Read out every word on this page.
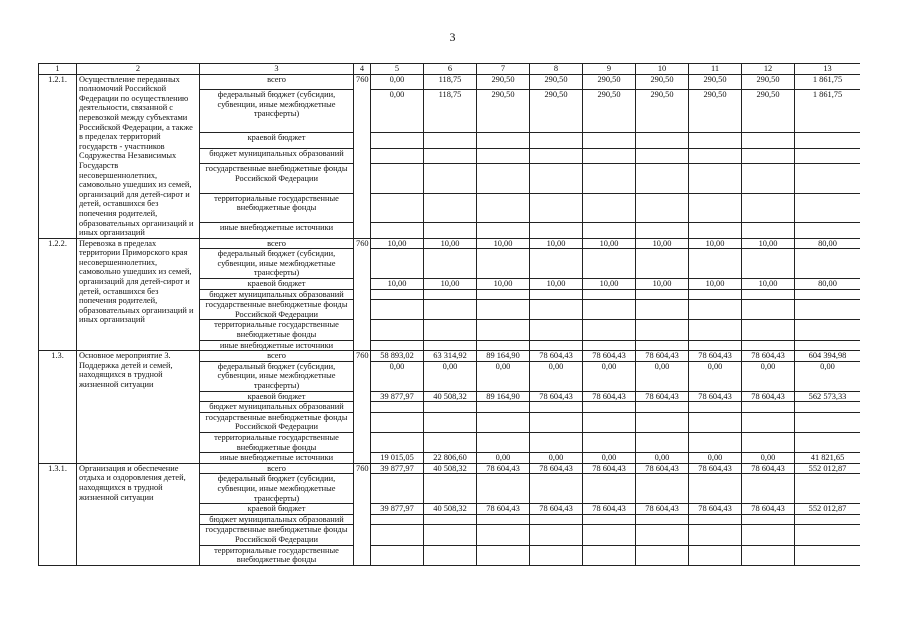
3
1	2	3	4	5	6	7	8	9	10	11	12	13
1.2.1.	Осуществление переданных полномочий Российской Федерации по осуществлению деятельности, связанной с перевозкой между субъектами Российской Федерации, а также в пределах территорий государств - участников Содружества Независимых Государств несовершеннолетних, самовольно ушедших из семей, организаций для детей-сирот и детей, оставшихся без попечения родителей, образовательных организаций и иных организаций	всего	760	0,00	118,75	290,50	290,50	290,50	290,50	290,50	290,50	1 861,75
		федеральный бюджет (субсидии, субвенции, иные межбюджетные трансферты)		0,00	118,75	290,50	290,50	290,50	290,50	290,50	290,50	1 861,75
		краевой бюджет										
		бюджет муниципальных образований										
		государственные внебюджетные фонды Российской Федерации										
		территориальные государственные внебюджетные фонды										
		иные внебюджетные источники										
1.2.2.	Перевозка в пределах территории Приморского края несовершеннолетних, самовольно ушедших из семей, организаций для детей-сирот и детей, оставшихся без попечения родителей, образовательных организаций и иных организаций	всего	760	10,00	10,00	10,00	10,00	10,00	10,00	10,00	10,00	80,00
		федеральный бюджет (субсидии, субвенции, иные межбюджетные трансферты)										
		краевой бюджет		10,00	10,00	10,00	10,00	10,00	10,00	10,00	10,00	80,00
		бюджет муниципальных образований										
		государственные внебюджетные фонды Российской Федерации										
		территориальные государственные внебюджетные фонды										
		иные внебюджетные источники										
1.3.	Основное мероприятие 3. Поддержка детей и семей, находящихся в трудной жизненной ситуации	всего	760	58 893,02	63 314,92	89 164,90	78 604,43	78 604,43	78 604,43	78 604,43	78 604,43	604 394,98
		федеральный бюджет (субсидии, субвенции, иные межбюджетные трансферты)		0,00	0,00	0,00	0,00	0,00	0,00	0,00	0,00	0,00
		краевой бюджет		39 877,97	40 508,32	89 164,90	78 604,43	78 604,43	78 604,43	78 604,43	78 604,43	562 573,33
		бюджет муниципальных образований										
		государственные внебюджетные фонды Российской Федерации										
		территориальные государственные внебюджетные фонды										
		иные внебюджетные источники		19 015,05	22 806,60	0,00	0,00	0,00	0,00	0,00	0,00	41 821,65
1.3.1.	Организация и обеспечение отдыха и оздоровления детей, находящихся в трудной жизненной ситуации	всего	760	39 877,97	40 508,32	78 604,43	78 604,43	78 604,43	78 604,43	78 604,43	78 604,43	552 012,87
		федеральный бюджет (субсидии, субвенции, иные межбюджетные трансферты)										
		краевой бюджет		39 877,97	40 508,32	78 604,43	78 604,43	78 604,43	78 604,43	78 604,43	78 604,43	552 012,87
		бюджет муниципальных образований										
		государственные внебюджетные фонды Российской Федерации										
		территориальные государственные внебюджетные фонды										
